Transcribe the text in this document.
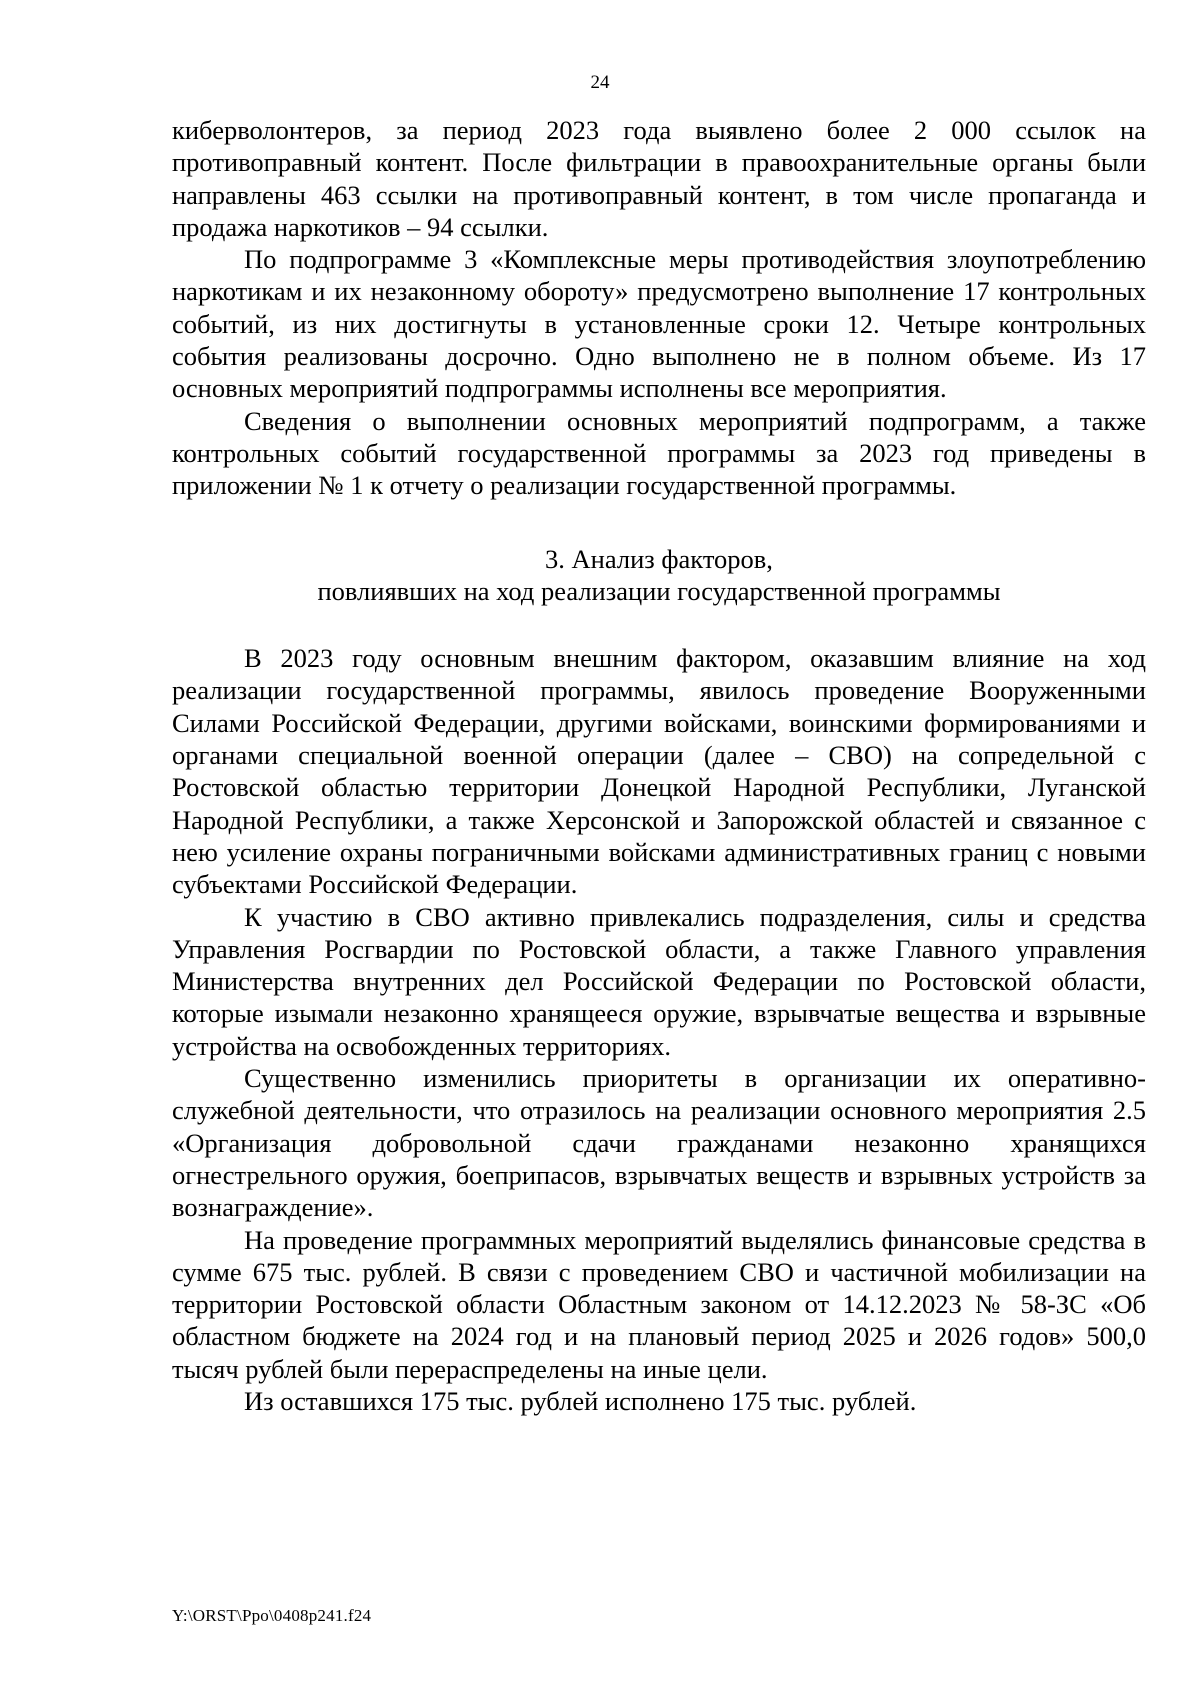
24

киберволонтеров, за период 2023 года выявлено более 2 000 ссылок на противоправный контент. После фильтрации в правоохранительные органы были направлены 463 ссылки на противоправный контент, в том числе пропаганда и продажа наркотиков – 94 ссылки.

По подпрограмме 3 «Комплексные меры противодействия злоупотреблению наркотикам и их незаконному обороту» предусмотрено выполнение 17 контрольных событий, из них достигнуты в установленные сроки 12. Четыре контрольных события реализованы досрочно. Одно выполнено не в полном объеме. Из 17 основных мероприятий подпрограммы исполнены все мероприятия.

Сведения о выполнении основных мероприятий подпрограмм, а также контрольных событий государственной программы за 2023 год приведены в приложении № 1 к отчету о реализации государственной программы.

3. Анализ факторов,
повлиявших на ход реализации государственной программы

В 2023 году основным внешним фактором, оказавшим влияние на ход реализации государственной программы, явилось проведение Вооруженными Силами Российской Федерации, другими войсками, воинскими формированиями и органами специальной военной операции (далее – СВО) на сопредельной с Ростовской областью территории Донецкой Народной Республики, Луганской Народной Республики, а также Херсонской и Запорожской областей и связанное с нею усиление охраны пограничными войсками административных границ с новыми субъектами Российской Федерации.

К участию в СВО активно привлекались подразделения, силы и средства Управления Росгвардии по Ростовской области, а также Главного управления Министерства внутренних дел Российской Федерации по Ростовской области, которые изымали незаконно хранящееся оружие, взрывчатые вещества и взрывные устройства на освобожденных территориях.

Существенно изменились приоритеты в организации их оперативно-служебной деятельности, что отразилось на реализации основного мероприятия 2.5 «Организация добровольной сдачи гражданами незаконно хранящихся огнестрельного оружия, боеприпасов, взрывчатых веществ и взрывных устройств за вознаграждение».

На проведение программных мероприятий выделялись финансовые средства в сумме 675 тыс. рублей. В связи с проведением СВО и частичной мобилизации на территории Ростовской области Областным законом от 14.12.2023 № 58-ЗС «Об областном бюджете на 2024 год и на плановый период 2025 и 2026 годов» 500,0 тысяч рублей были перераспределены на иные цели.

Из оставшихся 175 тыс. рублей исполнено 175 тыс. рублей.

Y:\ORST\Ppo\0408p241.f24
